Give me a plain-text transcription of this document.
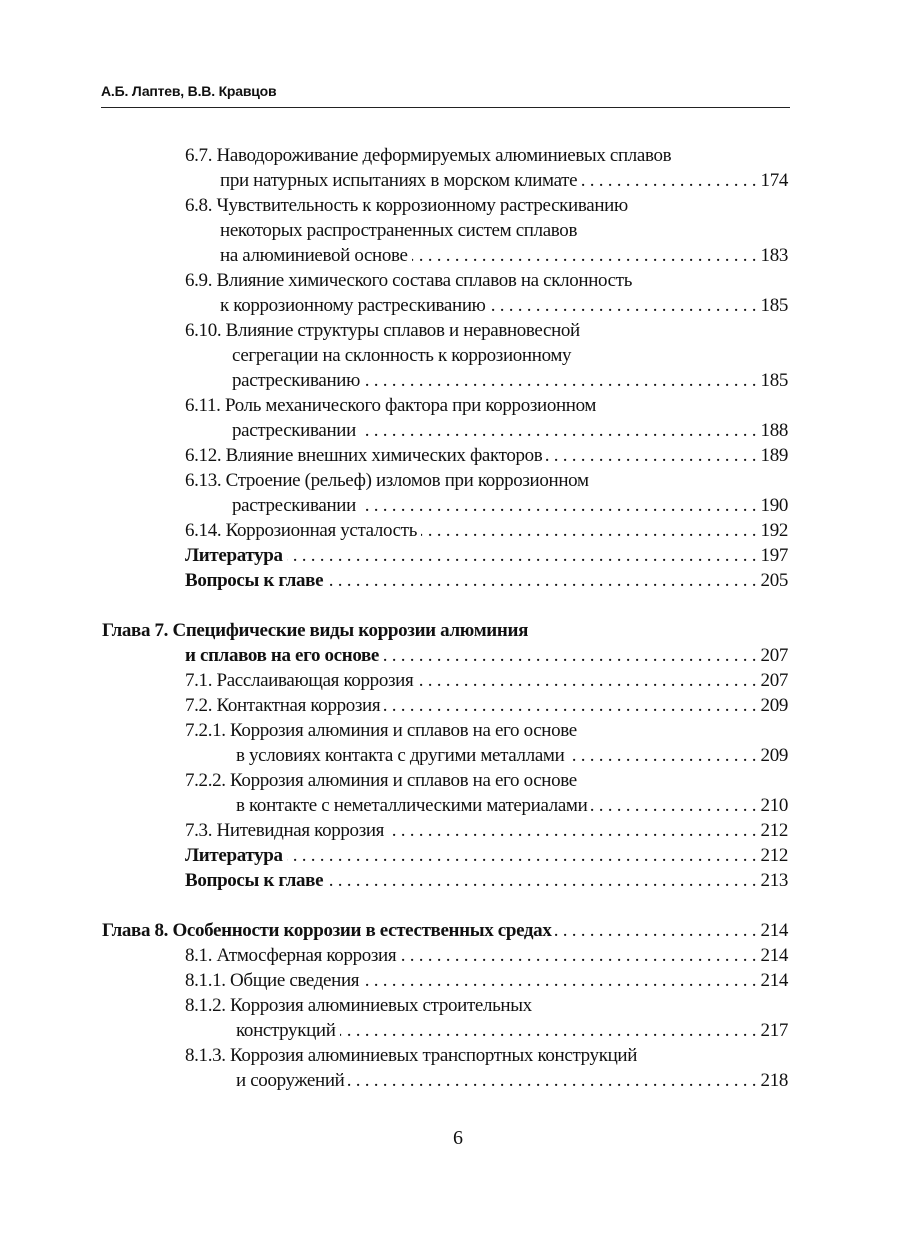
А.Б. Лаптев, В.В. Кравцов
6.7. Наводороживание деформируемых алюминиевых сплавов
при натурных испытаниях в морском климате . . .	174
6.8. Чувствительность к коррозионному растрескиванию
некоторых распространенных систем сплавов
на алюминиевой основе . . .	183
6.9. Влияние химического состава сплавов на склонность
к коррозионному растрескиванию . . .	185
6.10. Влияние структуры сплавов и неравновесной
сегрегации на склонность к коррозионному
растрескиванию . . .	185
6.11. Роль механического фактора при коррозионном
растрескивании . . .	188
6.12. Влияние внешних химических факторов . . .	189
6.13. Строение (рельеф) изломов при коррозионном
растрескивании . . .	190
6.14. Коррозионная усталость . . .	192
Литература . . .	197
Вопросы к главе . . .	205
Глава 7. Специфические виды коррозии алюминия
и сплавов на его основе . . .	207
7.1. Расслаивающая коррозия . . .	207
7.2. Контактная коррозия . . .	209
7.2.1. Коррозия алюминия и сплавов на его основе
в условиях контакта с другими металлами . . .	209
7.2.2. Коррозия алюминия и сплавов на его основе
в контакте с неметаллическими материалами . . .	210
7.3. Нитевидная коррозия . . .	212
Литература . . .	212
Вопросы к главе . . .	213
Глава 8. Особенности коррозии в естественных средах . . .	214
8.1. Атмосферная коррозия . . .	214
8.1.1. Общие сведения . . .	214
8.1.2. Коррозия алюминиевых строительных
конструкций . . .	217
8.1.3. Коррозия алюминиевых транспортных конструкций
и сооружений . . .	218
6
